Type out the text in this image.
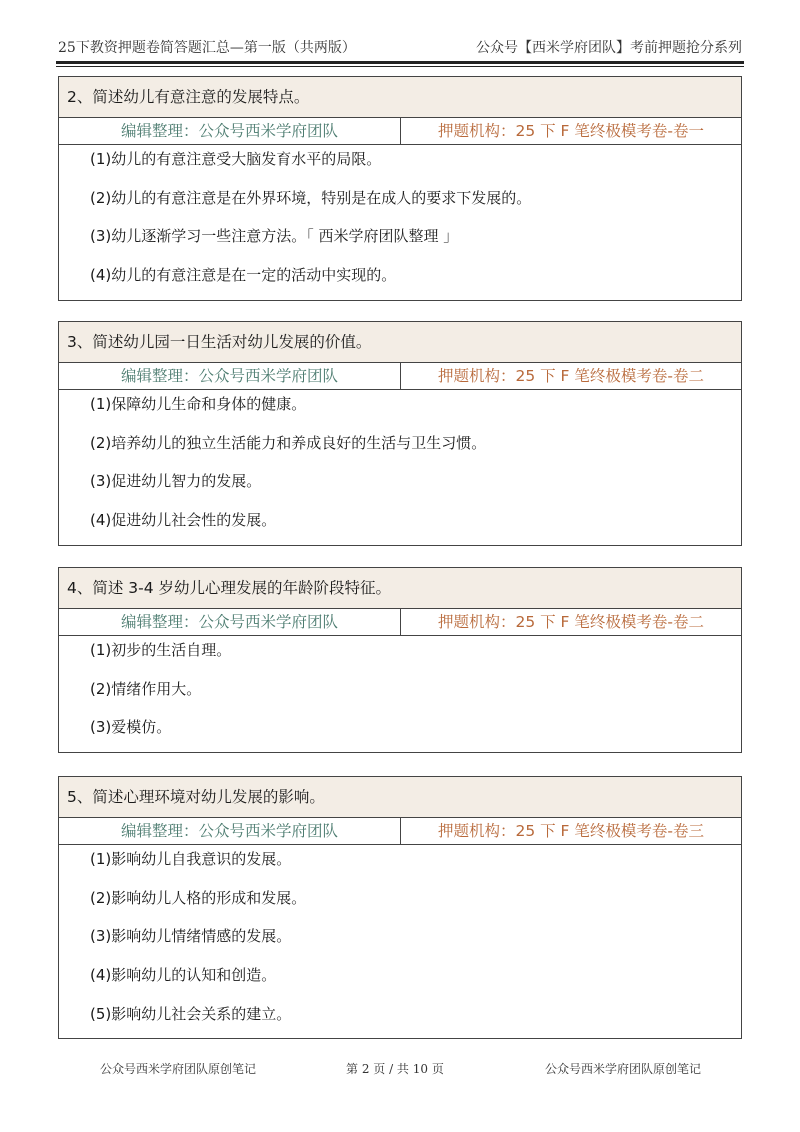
25下教资押题卷简答题汇总—第一版（共两版）	公众号【西米学府团队】考前押题抢分系列
2、简述幼儿有意注意的发展特点。
编辑整理：公众号西米学府团队	押题机构：25 下 F 笔终极模考卷-卷一
(1)幼儿的有意注意受大脑发育水平的局限。
(2)幼儿的有意注意是在外界环境，特别是在成人的要求下发展的。
(3)幼儿逐渐学习一些注意方法。「 西米学府团队整理 」
(4)幼儿的有意注意是在一定的活动中实现的。
3、简述幼儿园一日生活对幼儿发展的价值。
编辑整理：公众号西米学府团队	押题机构：25 下 F 笔终极模考卷-卷二
(1)保障幼儿生命和身体的健康。
(2)培养幼儿的独立生活能力和养成良好的生活与卫生习惯。
(3)促进幼儿智力的发展。
(4)促进幼儿社会性的发展。
4、简述 3-4 岁幼儿心理发展的年龄阶段特征。
编辑整理：公众号西米学府团队	押题机构：25 下 F 笔终极模考卷-卷二
(1)初步的生活自理。
(2)情绪作用大。
(3)爱模仿。
5、简述心理环境对幼儿发展的影响。
编辑整理：公众号西米学府团队	押题机构：25 下 F 笔终极模考卷-卷三
(1)影响幼儿自我意识的发展。
(2)影响幼儿人格的形成和发展。
(3)影响幼儿情绪情感的发展。
(4)影响幼儿的认知和创造。
(5)影响幼儿社会关系的建立。
公众号西米学府团队原创笔记	第 2 页 / 共 10 页	公众号西米学府团队原创笔记
